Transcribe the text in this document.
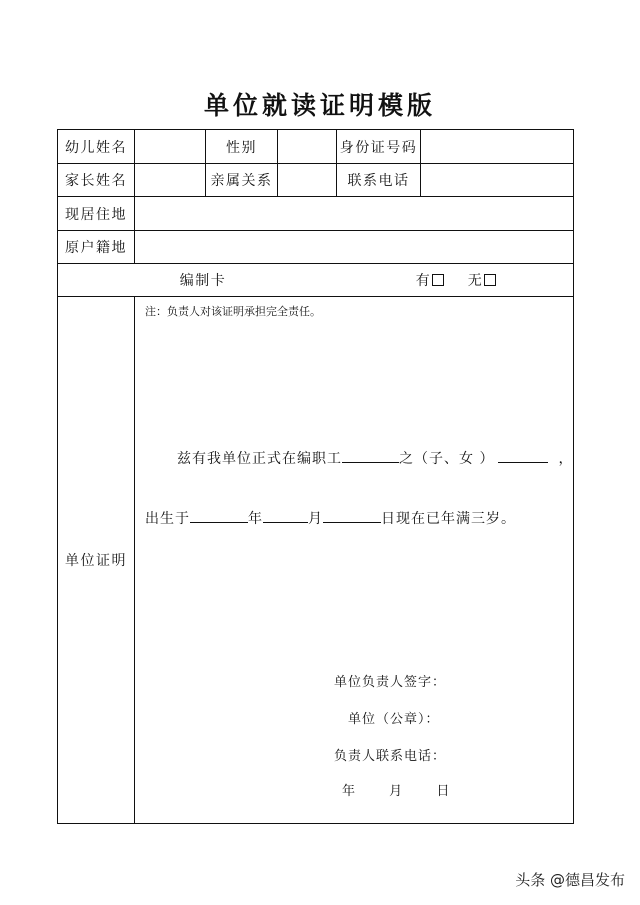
单位就读证明模版
幼儿姓名	性别	身份证号码
家长姓名	亲属关系	联系电话
现居住地
原户籍地
编制卡	有	无
单位证明
注：负责人对该证明承担完全责任。
兹有我单位正式在编职工	之（子、女 ）	，
出生于	年	月	日现在已年满三岁。
单位负责人签字：
单位（公章）：
负责人联系电话：
年	月	日
头条 @德昌发布
